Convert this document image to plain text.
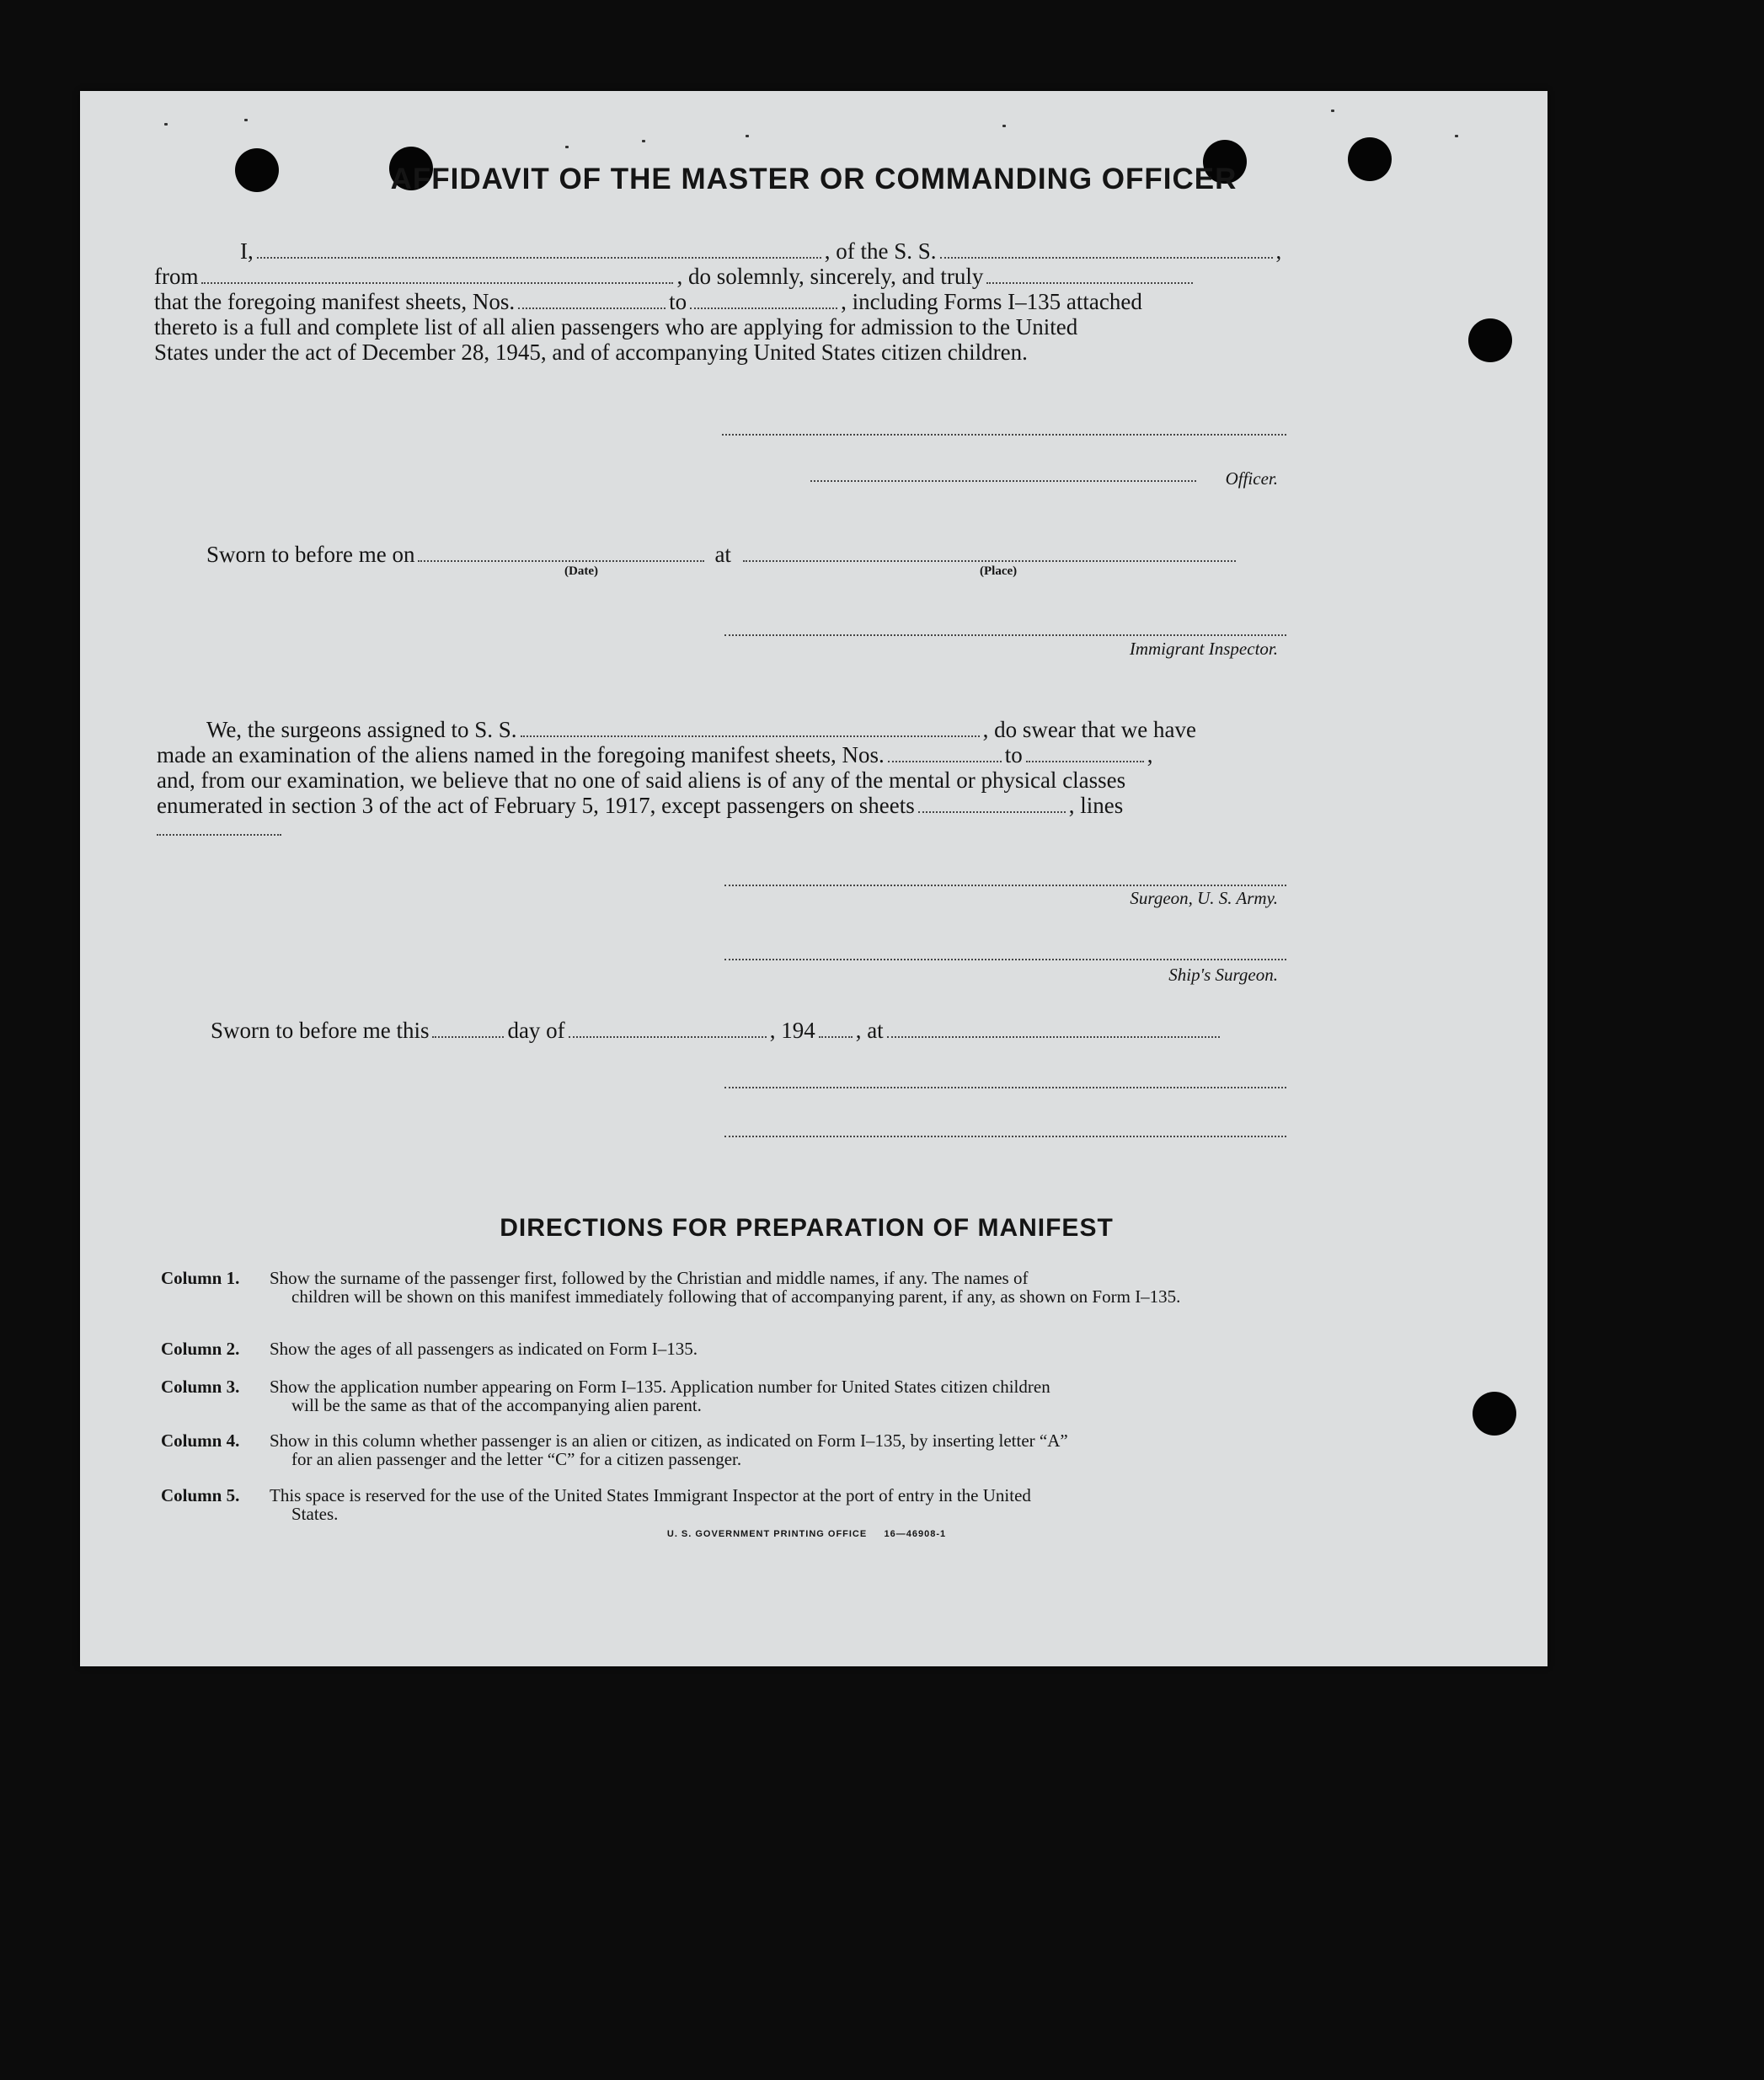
AFFIDAVIT OF THE MASTER OR COMMANDING OFFICER
I,	, of the S. S.	,
from	, do solemnly, sincerely, and truly
that the foregoing manifest sheets, Nos.	to	, including Forms I–135 attached
thereto is a full and complete list of all alien passengers who are applying for admission to the United
States under the act of December 28, 1945, and of accompanying United States citizen children.
Officer.
Sworn to before me on	at
(Date)	(Place)
Immigrant Inspector.
We, the surgeons assigned to S. S.	, do swear that we have
made an examination of the aliens named in the foregoing manifest sheets, Nos.	to	,
and, from our examination, we believe that no one of said aliens is of any of the mental or physical classes
enumerated in section 3 of the act of February 5, 1917, except passengers on sheets	, lines
Surgeon, U. S. Army.
Ship's Surgeon.
Sworn to before me this	day of	, 194 , at
DIRECTIONS FOR PREPARATION OF MANIFEST
Column 1. Show the surname of the passenger first, followed by the Christian and middle names, if any. The names of
children will be shown on this manifest immediately following that of accompanying parent, if any, as shown on Form I–135.
Column 2. Show the ages of all passengers as indicated on Form I–135.
Column 3. Show the application number appearing on Form I–135. Application number for United States citizen children
will be the same as that of the accompanying alien parent.
Column 4. Show in this column whether passenger is an alien or citizen, as indicated on Form I–135, by inserting letter “A”
for an alien passenger and the letter “C” for a citizen passenger.
Column 5. This space is reserved for the use of the United States Immigrant Inspector at the port of entry in the United
States.
U. S. GOVERNMENT PRINTING OFFICE     16—46908-1
